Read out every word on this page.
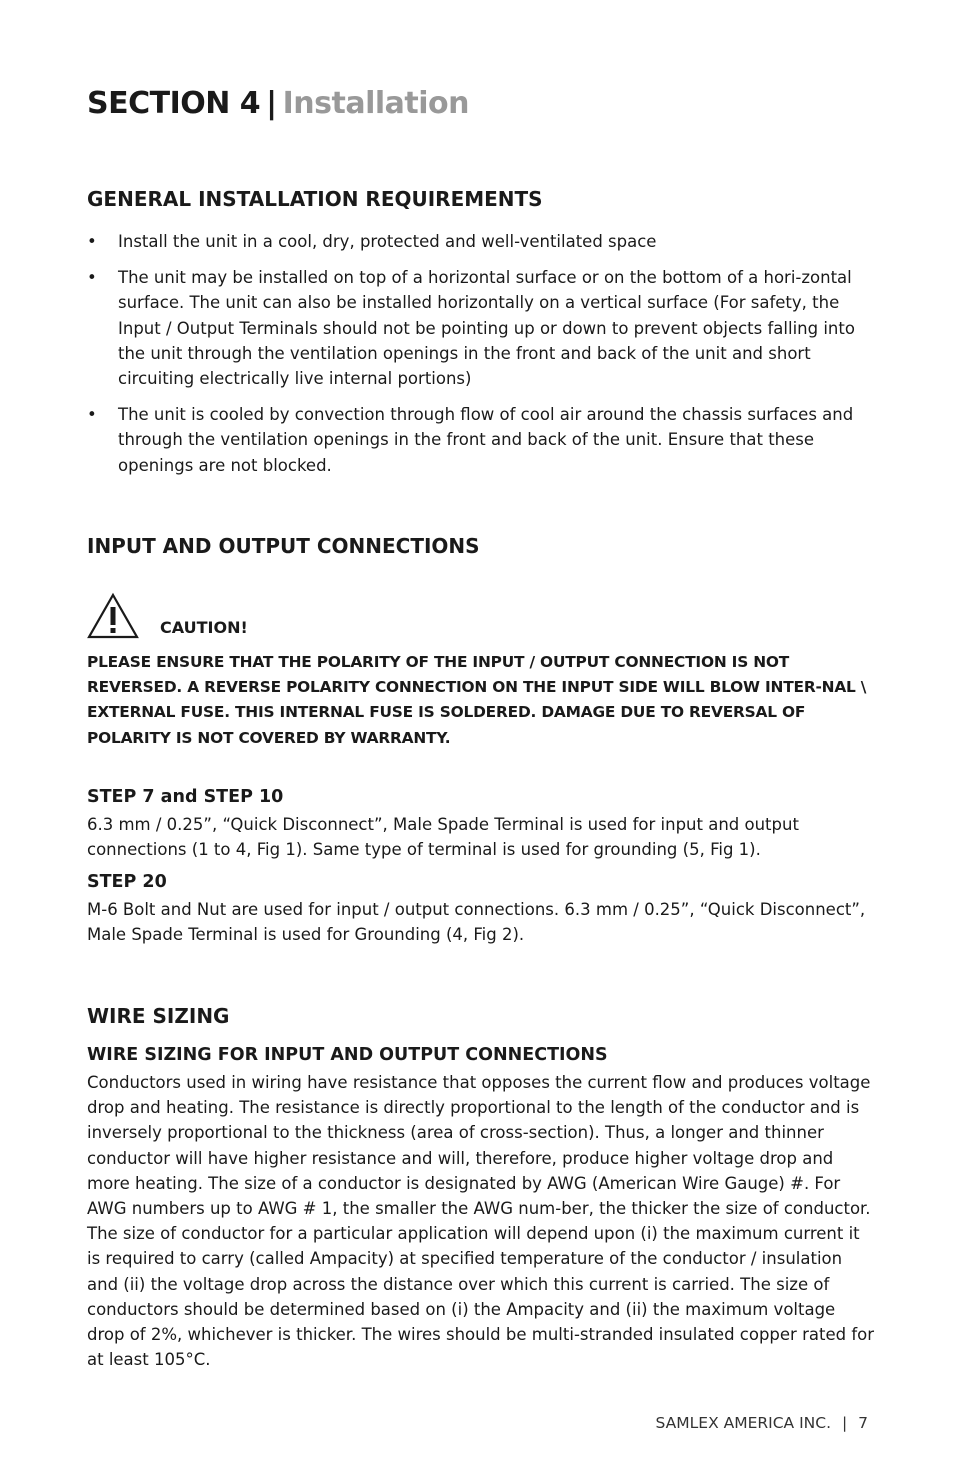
SECTION 4 | Installation
GENERAL INSTALLATION REQUIREMENTS
• Install the unit in a cool, dry, protected and well-ventilated space
• The unit may be installed on top of a horizontal surface or on the bottom of a hori-zontal surface. The unit can also be installed horizontally on a vertical surface (For safety, the Input / Output Terminals should not be pointing up or down to prevent objects falling into the unit through the ventilation openings in the front and back of the unit and short circuiting electrically live internal portions)
• The unit is cooled by convection through flow of cool air around the chassis surfaces and through the ventilation openings in the front and back of the unit. Ensure that these openings are not blocked.
INPUT AND OUTPUT CONNECTIONS
CAUTION!

PLEASE ENSURE THAT THE POLARITY OF THE INPUT / OUTPUT CONNECTION IS NOT REVERSED. A REVERSE POLARITY CONNECTION ON THE INPUT SIDE WILL BLOW INTER-NAL \ EXTERNAL FUSE. THIS INTERNAL FUSE IS SOLDERED. DAMAGE DUE TO REVERSAL OF POLARITY IS NOT COVERED BY WARRANTY.

STEP 7 and STEP 10

6.3 mm / 0.25”, “Quick Disconnect”, Male Spade Terminal is used for input and output connections (1 to 4, Fig 1). Same type of terminal is used for grounding (5, Fig 1).

STEP 20

M-6 Bolt and Nut are used for input / output connections. 6.3 mm / 0.25”, “Quick Disconnect”, Male Spade Terminal is used for Grounding (4, Fig 2).

WIRE SIZING
WIRE SIZING FOR INPUT AND OUTPUT CONNECTIONS

Conductors used in wiring have resistance that opposes the current flow and produces voltage drop and heating. The resistance is directly proportional to the length of the conductor and is inversely proportional to the thickness (area of cross-section). Thus, a longer and thinner conductor will have higher resistance and will, therefore, produce higher voltage drop and more heating. The size of a conductor is designated by AWG (American Wire Gauge) #. For AWG numbers up to AWG # 1, the smaller the AWG num-ber, the thicker the size of conductor. The size of conductor for a particular application will depend upon (i) the maximum current it is required to carry (called Ampacity) at specified temperature of the conductor / insulation and (ii) the voltage drop across the distance over which this current is carried. The size of conductors should be determined based on (i) the Ampacity and (ii) the maximum voltage drop of 2%, whichever is thicker. The wires should be multi-stranded insulated copper rated for at least 105°C.

SAMLEX AMERICA INC. | 7
